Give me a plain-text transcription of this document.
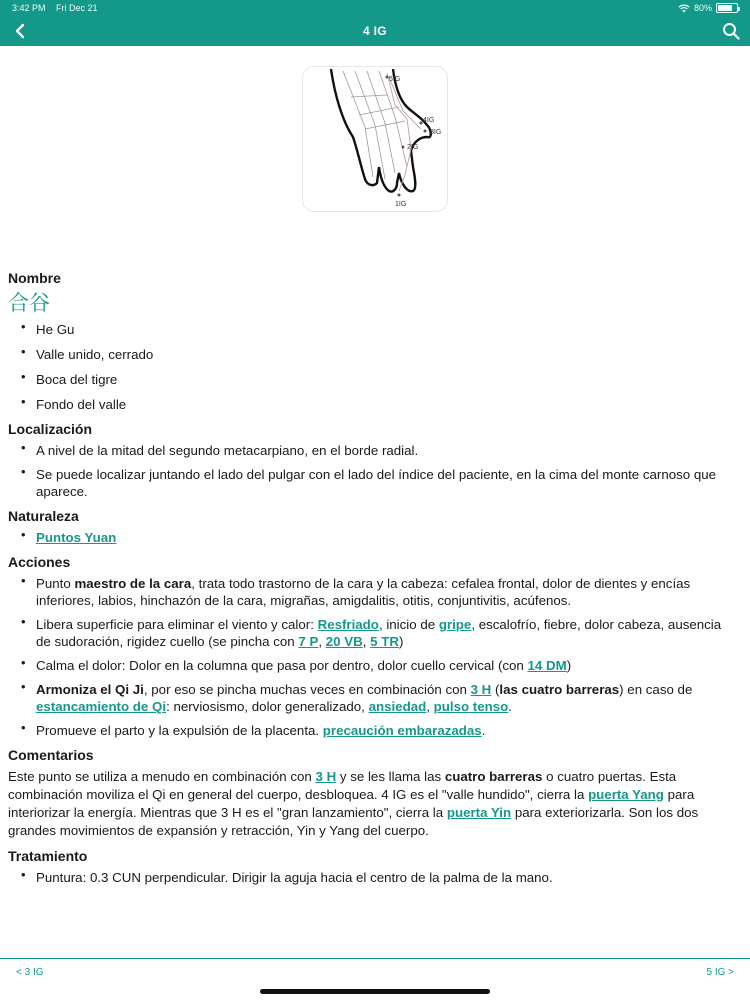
3:42 PM Fri Dec 21	80%
4 IG
5IG
4IG
3IG
2IG
1IG
Nombre
合谷
• He Gu
• Valle unido, cerrado
• Boca del tigre
• Fondo del valle
Localización
• A nivel de la mitad del segundo metacarpiano, en el borde radial.
• Se puede localizar juntando el lado del pulgar con el lado del índice del paciente, en la cima del monte carnoso que aparece.
Naturaleza
• Puntos Yuan
Acciones
• Punto maestro de la cara, trata todo trastorno de la cara y la cabeza: cefalea frontal, dolor de dientes y encías inferiores, labios, hinchazón de la cara, migrañas, amigdalitis, otitis, conjuntivitis, acúfenos.
• Libera superficie para eliminar el viento y calor: Resfriado, inicio de gripe, escalofrío, fiebre, dolor cabeza, ausencia de sudoración, rigidez cuello (se pincha con 7 P, 20 VB, 5 TR)
• Calma el dolor: Dolor en la columna que pasa por dentro, dolor cuello cervical (con 14 DM)
• Armoniza el Qi Ji, por eso se pincha muchas veces en combinación con 3 H (las cuatro barreras) en caso de estancamiento de Qi: nerviosismo, dolor generalizado, ansiedad, pulso tenso.
• Promueve el parto y la expulsión de la placenta. precaución embarazadas.
Comentarios

Este punto se utiliza a menudo en combinación con 3 H y se les llama las cuatro barreras o cuatro puertas. Esta combinación moviliza el Qi en general del cuerpo, desbloquea. 4 IG es el "valle hundido", cierra la puerta Yang para interiorizar la energía. Mientras que 3 H es el "gran lanzamiento", cierra la puerta Yin para exteriorizarla. Son los dos grandes movimientos de expansión y retracción, Yin y Yang del cuerpo.

Tratamiento
• Puntura: 0.3 CUN perpendicular. Dirigir la aguja hacia el centro de la palma de la mano.
< 3 IG	5 IG >
